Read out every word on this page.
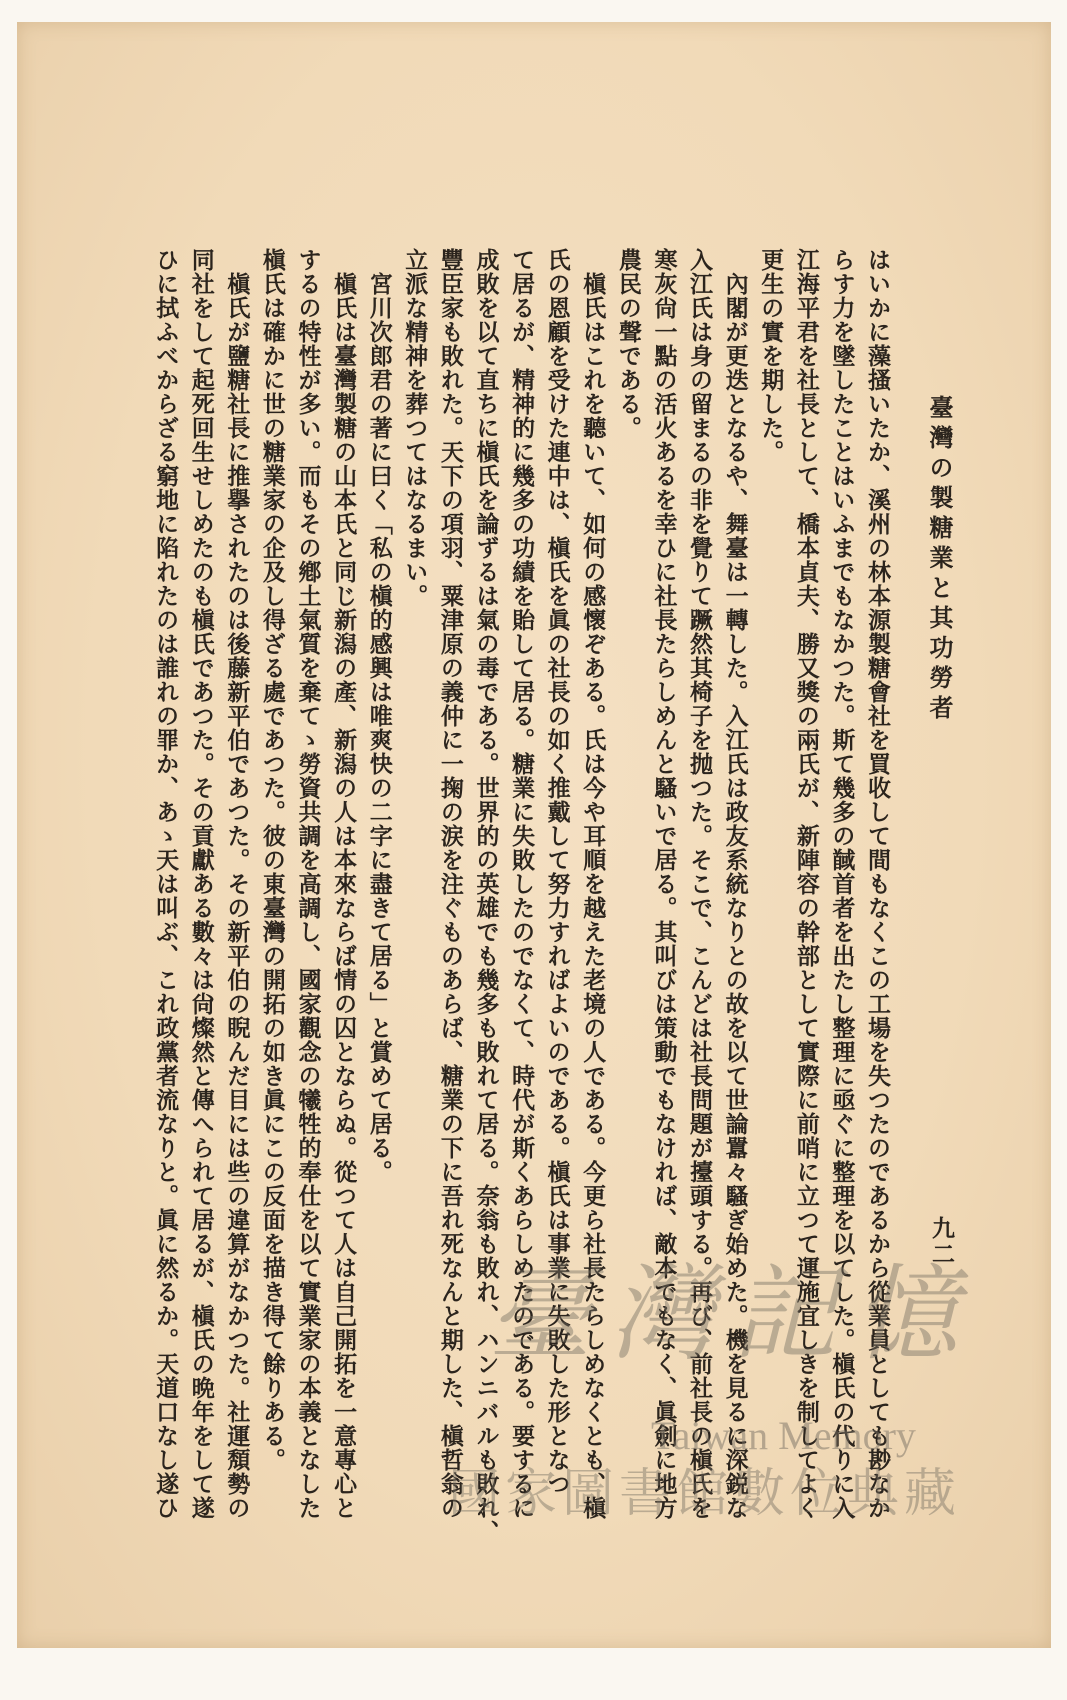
臺灣の製糖業と其功勞者
九二
はいかに藻搔いたか、溪州の林本源製糖會社を買收して間もなくこの工場を失つたのであるから從業員としても尠なか
らす力を墜したことはいふまでもなかつた。斯て幾多の馘首者を出たし整理に亟ぐに整理を以てした。槇氏の代りに入
江海平君を社長として、橋本貞夫、勝又獎の兩氏が、新陣容の幹部として實際に前哨に立つて運施宜しきを制してよく
更生の實を期した。
　內閣が更迭となるや、舞臺は一轉した。入江氏は政友系統なりとの故を以て世論囂々騷ぎ始めた。機を見るに深鋭な
入江氏は身の留まるの非を覺りて蹶然其椅子を抛つた。そこで、こんどは社長問題が擡頭する。再び、前社長の槇氏を
寒灰尙一點の活火あるを幸ひに社長たらしめんと騷いで居る。其叫びは策動でもなければ、敵本でもなく、眞劍に地方
農民の聲である。
　槇氏はこれを聽いて、如何の感懷ぞある。氏は今や耳順を越えた老境の人である。今更ら社長たらしめなくとも、槇
氏の恩顧を受けた連中は、槇氏を眞の社長の如く推戴して努力すればよいのである。槇氏は事業に失敗した形となつ
て居るが、精神的に幾多の功績を貽して居る。糖業に失敗したのでなくて、時代が斯くあらしめたのである。要するに
成敗を以て直ちに槇氏を論ずるは氣の毒である。世界的の英雄でも幾多も敗れて居る。奈翁も敗れ、ハンニバルも敗れ、
豐臣家も敗れた。天下の項羽、粟津原の義仲に一掬の涙を注ぐものあらば、糖業の下に吾れ死なんと期した、槇哲翁の
立派な精神を葬つてはなるまい。
　宮川次郎君の著に曰く「私の槇的感興は唯爽快の二字に盡きて居る」と賞めて居る。
　槇氏は臺灣製糖の山本氏と同じ新潟の產、新潟の人は本來ならば情の囚とならぬ。從つて人は自己開拓を一意專心と
するの特性が多い。而もその鄕土氣質を棄てゝ勞資共調を高調し、國家觀念の犧牲的奉仕を以て實業家の本義となした
槇氏は確かに世の糖業家の企及し得ざる處であつた。彼の東臺灣の開拓の如き眞にこの反面を描き得て餘りある。
　槇氏が鹽糖社長に推擧されたのは後藤新平伯であつた。その新平伯の睨んだ目には些の違算がなかつた。社運頽勢の
同社をして起死回生せしめたのも槇氏であつた。その貢獻ある數々は尙燦然と傳へられて居るが、槇氏の晩年をして遂
ひに拭ふべからざる窮地に陷れたのは誰れの罪か、あゝ天は叫ぶ、これ政黨者流なりと。眞に然るか。天道口なし遂ひ	臺灣記憶
Taiwan Memory
國家圖書館數位典藏
